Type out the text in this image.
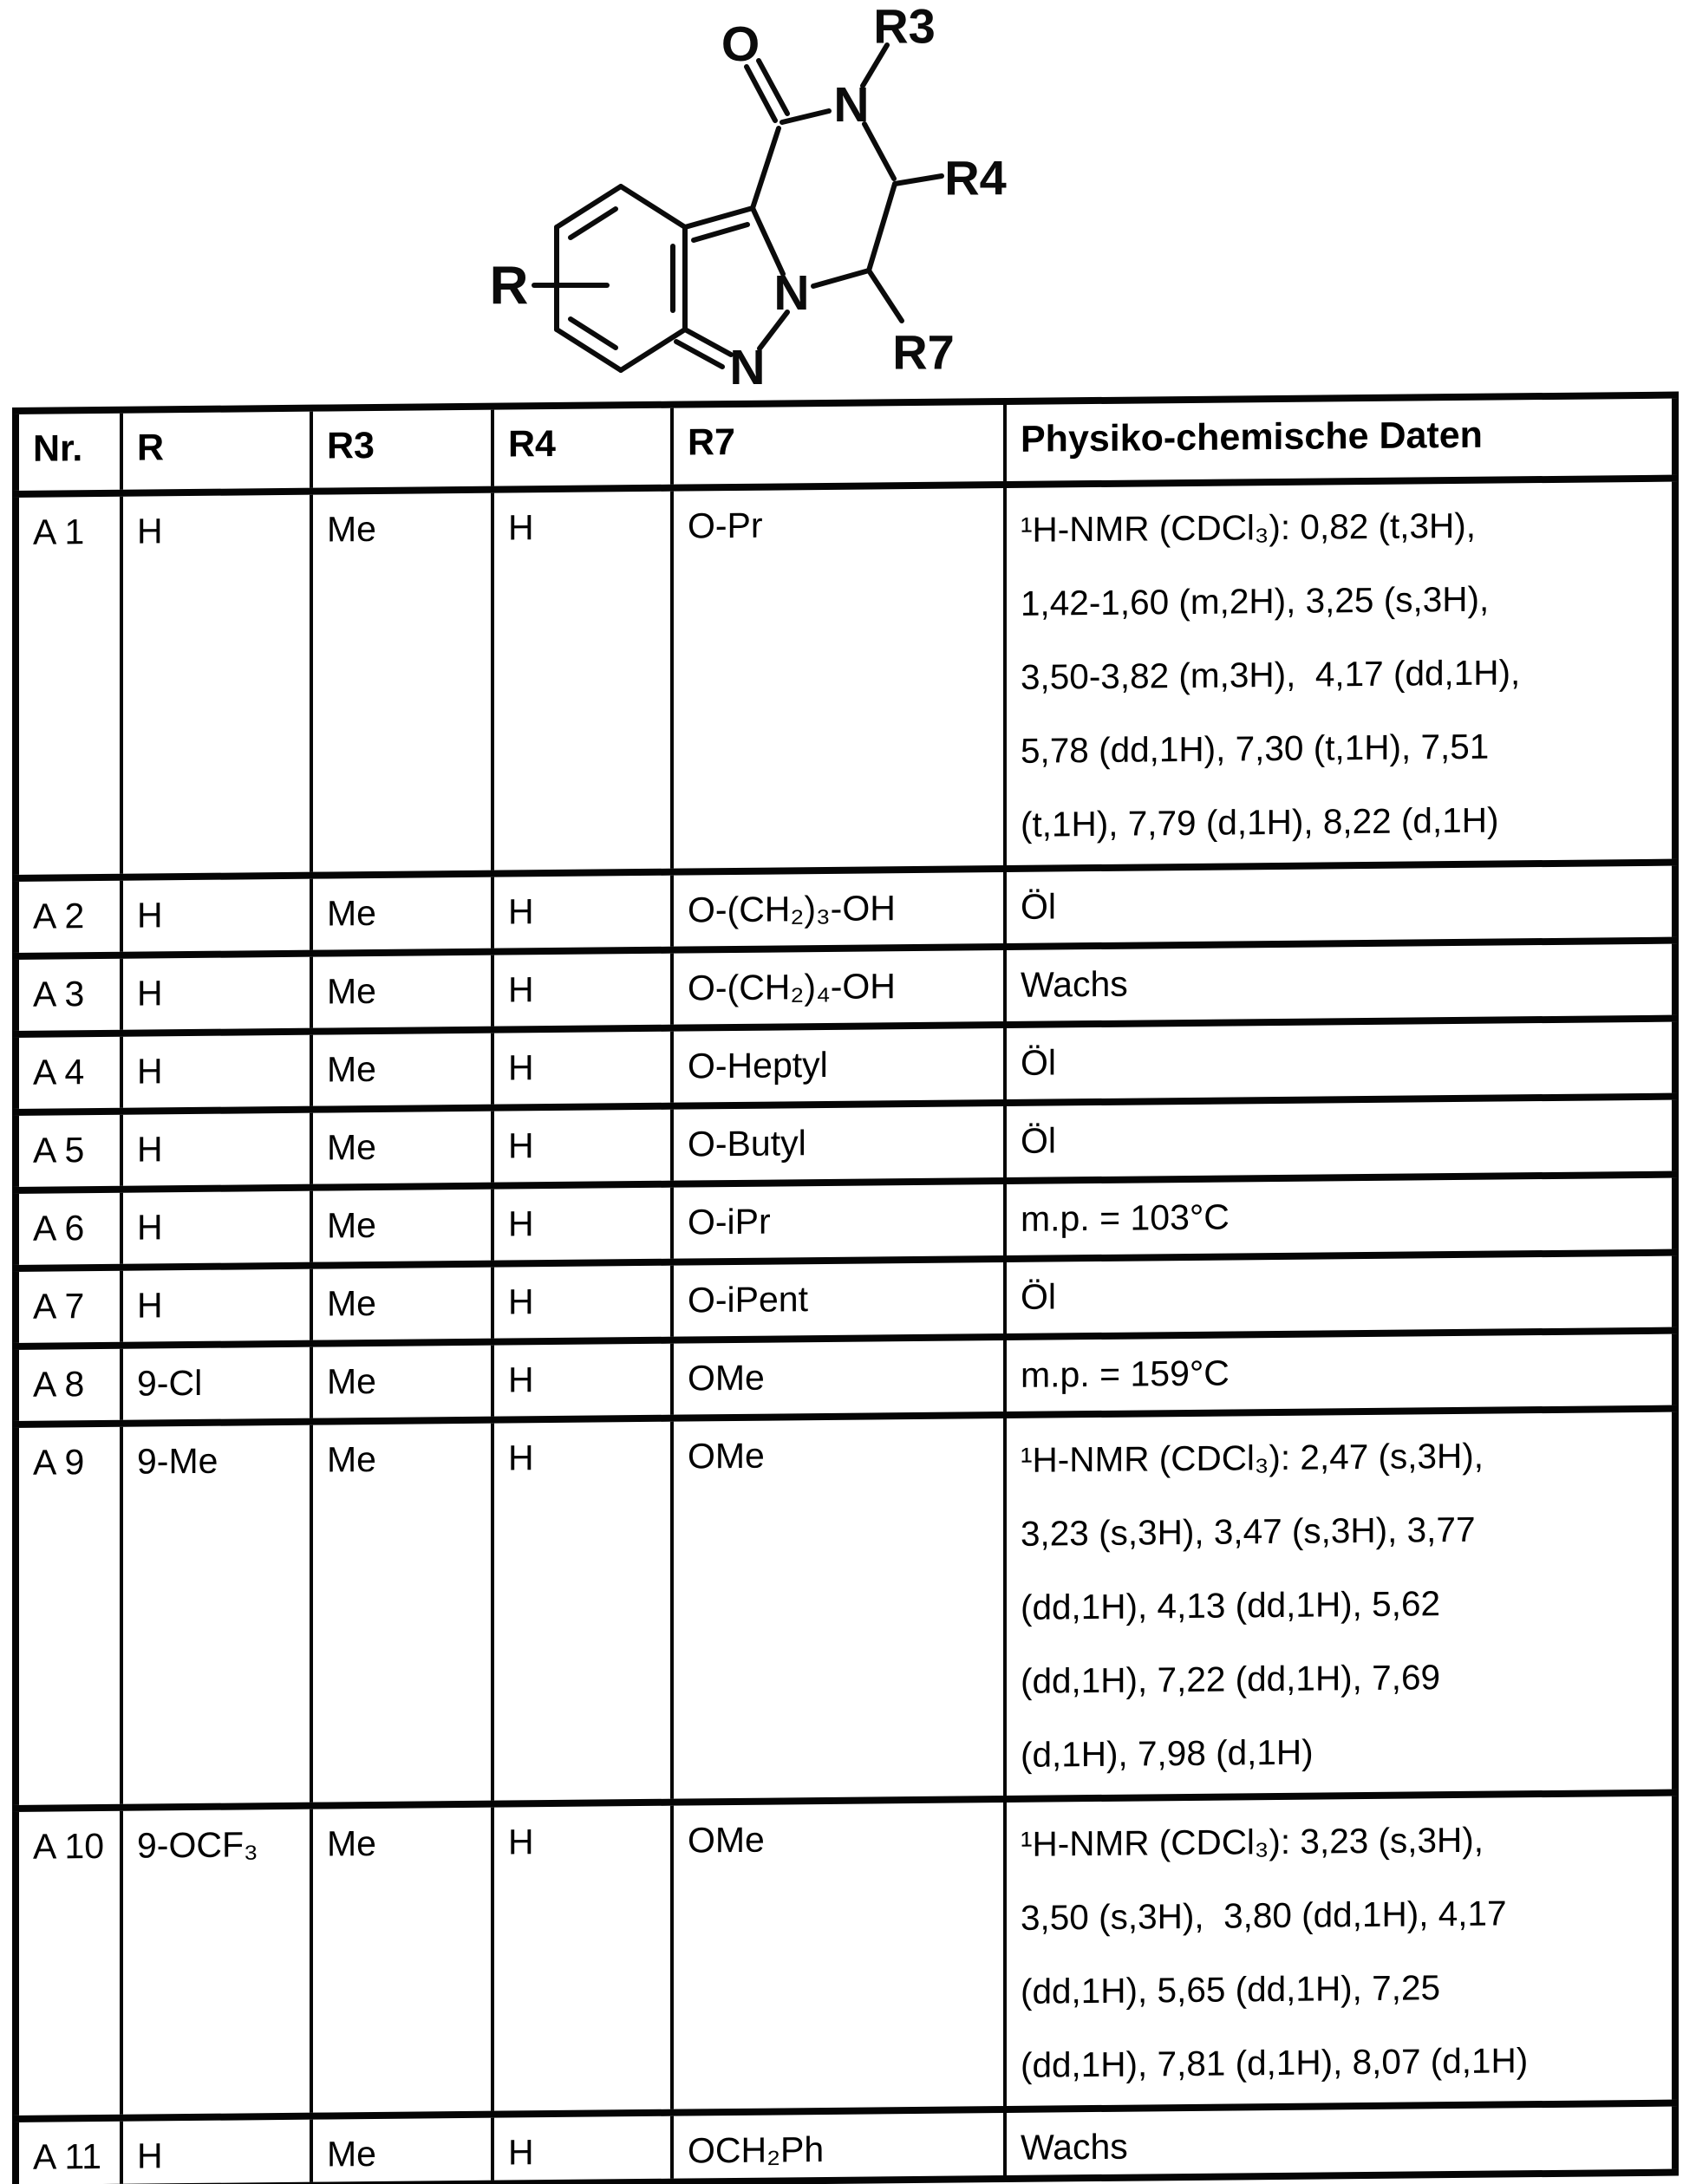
O
N
N
N
R
R3
R4
R7
Nr.	R	R3	R4	R7	Physiko-chemische Daten
A 1	H	Me	H	O-Pr	¹H-NMR (CDCl₃): 0,82 (t,3H),
1,42-1,60 (m,2H), 3,25 (s,3H),
3,50-3,82 (m,3H),  4,17 (dd,1H),
5,78 (dd,1H), 7,30 (t,1H), 7,51
(t,1H), 7,79 (d,1H), 8,22 (d,1H)
A 2	H	Me	H	O-(CH₂)₃-OH	Öl
A 3	H	Me	H	O-(CH₂)₄-OH	Wachs
A 4	H	Me	H	O-Heptyl	Öl
A 5	H	Me	H	O-Butyl	Öl
A 6	H	Me	H	O-iPr	m.p. = 103°C
A 7	H	Me	H	O-iPent	Öl
A 8	9-Cl	Me	H	OMe	m.p. = 159°C
A 9	9-Me	Me	H	OMe	¹H-NMR (CDCl₃): 2,47 (s,3H),
3,23 (s,3H), 3,47 (s,3H), 3,77
(dd,1H), 4,13 (dd,1H), 5,62
(dd,1H), 7,22 (dd,1H), 7,69
(d,1H), 7,98 (d,1H)
A 10	9-OCF₃	Me	H	OMe	¹H-NMR (CDCl₃): 3,23 (s,3H),
3,50 (s,3H),  3,80 (dd,1H), 4,17
(dd,1H), 5,65 (dd,1H), 7,25
(dd,1H), 7,81 (d,1H), 8,07 (d,1H)
A 11	H	Me	H	OCH₂Ph	Wachs
